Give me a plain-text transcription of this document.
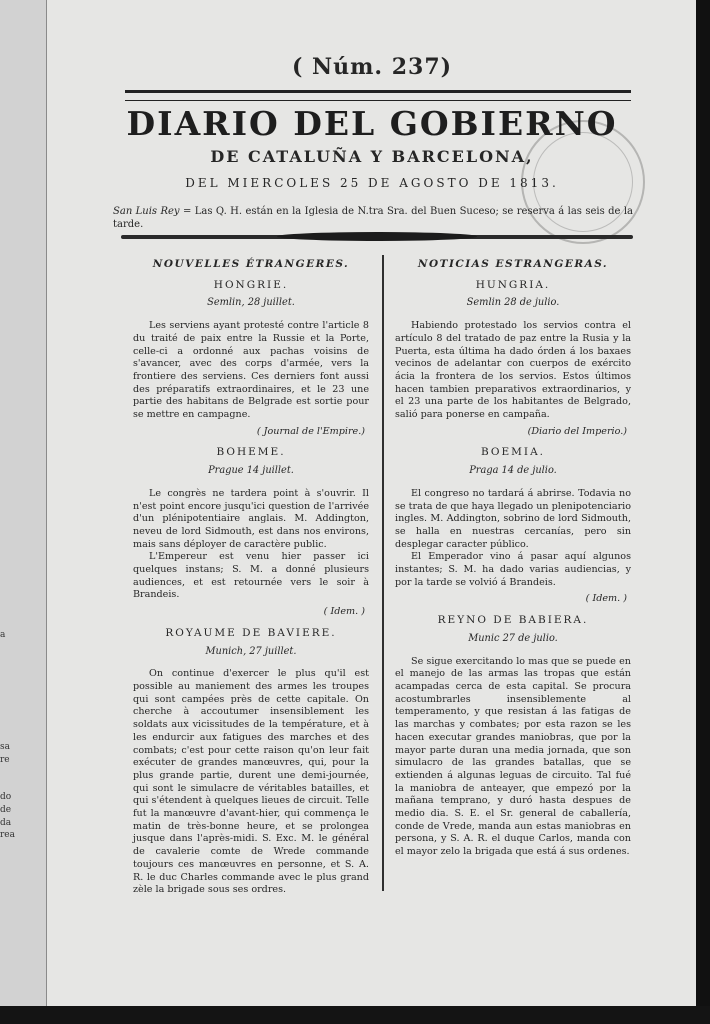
a
sa
re
do
de
da
rea
( Núm. 237)
DIARIO DEL GOBIERNO
DE CATALUÑA Y BARCELONA,
DEL MIERCOLES 25 DE AGOSTO DE 1813.
San Luis Rey = Las Q. H. están en la Iglesia de N.tra Sra. del Buen Suceso; se reserva á las seis de la tarde.
NOUVELLES ÉTRANGERES.
HONGRIE.
Semlin, 28 juillet.

Les serviens ayant protesté contre l'article 8 du traité de paix entre la Russie et la Porte, celle-ci a ordonné aux pachas voisins de s'avancer, avec des corps d'armée, vers la frontiere des serviens. Ces derniers font aussi des préparatifs extraordinaires, et le 23 une partie des habitans de Belgrade est sortie pour se mettre en campagne.

( Journal de l'Empire.)
BOHEME.
Prague 14 juillet.

Le congrès ne tardera point à s'ouvrir. Il n'est point encore jusqu'ici question de l'arrivée d'un plénipotentiaire anglais. M. Addington, neveu de lord Sidmouth, est dans nos environs, mais sans déployer de caractère public.

L'Empereur est venu hier passer ici quelques instans; S. M. a donné plusieurs audiences, et est retournée vers le soir à Brandeis.

( Idem. )
ROYAUME DE BAVIERE.
Munich, 27 juillet.

On continue d'exercer le plus qu'il est possible au maniement des armes les troupes qui sont campées près de cette capitale. On cherche à accoutumer insensiblement les soldats aux vicissitudes de la température, et à les endurcir aux fatigues des marches et des combats; c'est pour cette raison qu'on leur fait exécuter de grandes manœuvres, qui, pour la plus grande partie, durent une demi-journée, qui sont le simulacre de véritables batailles, et qui s'étendent à quelques lieues de circuit. Telle fut la manœuvre d'avant-hier, qui commença le matin de très-bonne heure, et se prolongea jusque dans l'après-midi. S. Exc. M. le général de cavalerie comte de Wrede commande toujours ces manœuvres en personne, et S. A. R. le duc Charles commande avec le plus grand zèle la brigade sous ses ordres.

NOTICIAS ESTRANGERAS.
HUNGRIA.
Semlin 28 de julio.

Habiendo protestado los servios contra el artículo 8 del tratado de paz entre la Rusia y la Puerta, esta última ha dado órden á los baxaes vecinos de adelantar con cuerpos de exército ácia la frontera de los servios. Estos últimos hacen tambien preparativos extraordinarios, y el 23 una parte de los habitantes de Belgrado, salió para ponerse en campaña.

(Diario del Imperio.)
BOEMIA.
Praga 14 de julio.

El congreso no tardará á abrirse. Todavia no se trata de que haya llegado un plenipotenciario ingles. M. Addington, sobrino de lord Sidmouth, se halla en nuestras cercanías, pero sin desplegar caracter público.

El Emperador vino á pasar aquí algunos instantes; S. M. ha dado varias audiencias, y por la tarde se volvió á Brandeis.

( Idem. )
REYNO DE BABIERA.
Munic 27 de julio.

Se sigue exercitando lo mas que se puede en el manejo de las armas las tropas que están acampadas cerca de esta capital. Se procura acostumbrarles insensiblemente al temperamento, y que resistan á las fatigas de las marchas y combates; por esta razon se les hacen executar grandes maniobras, que por la mayor parte duran una media jornada, que son simulacro de las grandes batallas, que se extienden á algunas leguas de circuito. Tal fué la maniobra de anteayer, que empezó por la mañana temprano, y duró hasta despues de medio dia. S. E. el Sr. general de caballería, conde de Vrede, manda aun estas maniobras en persona, y S. A. R. el duque Carlos, manda con el mayor zelo la brigada que está á sus ordenes.
